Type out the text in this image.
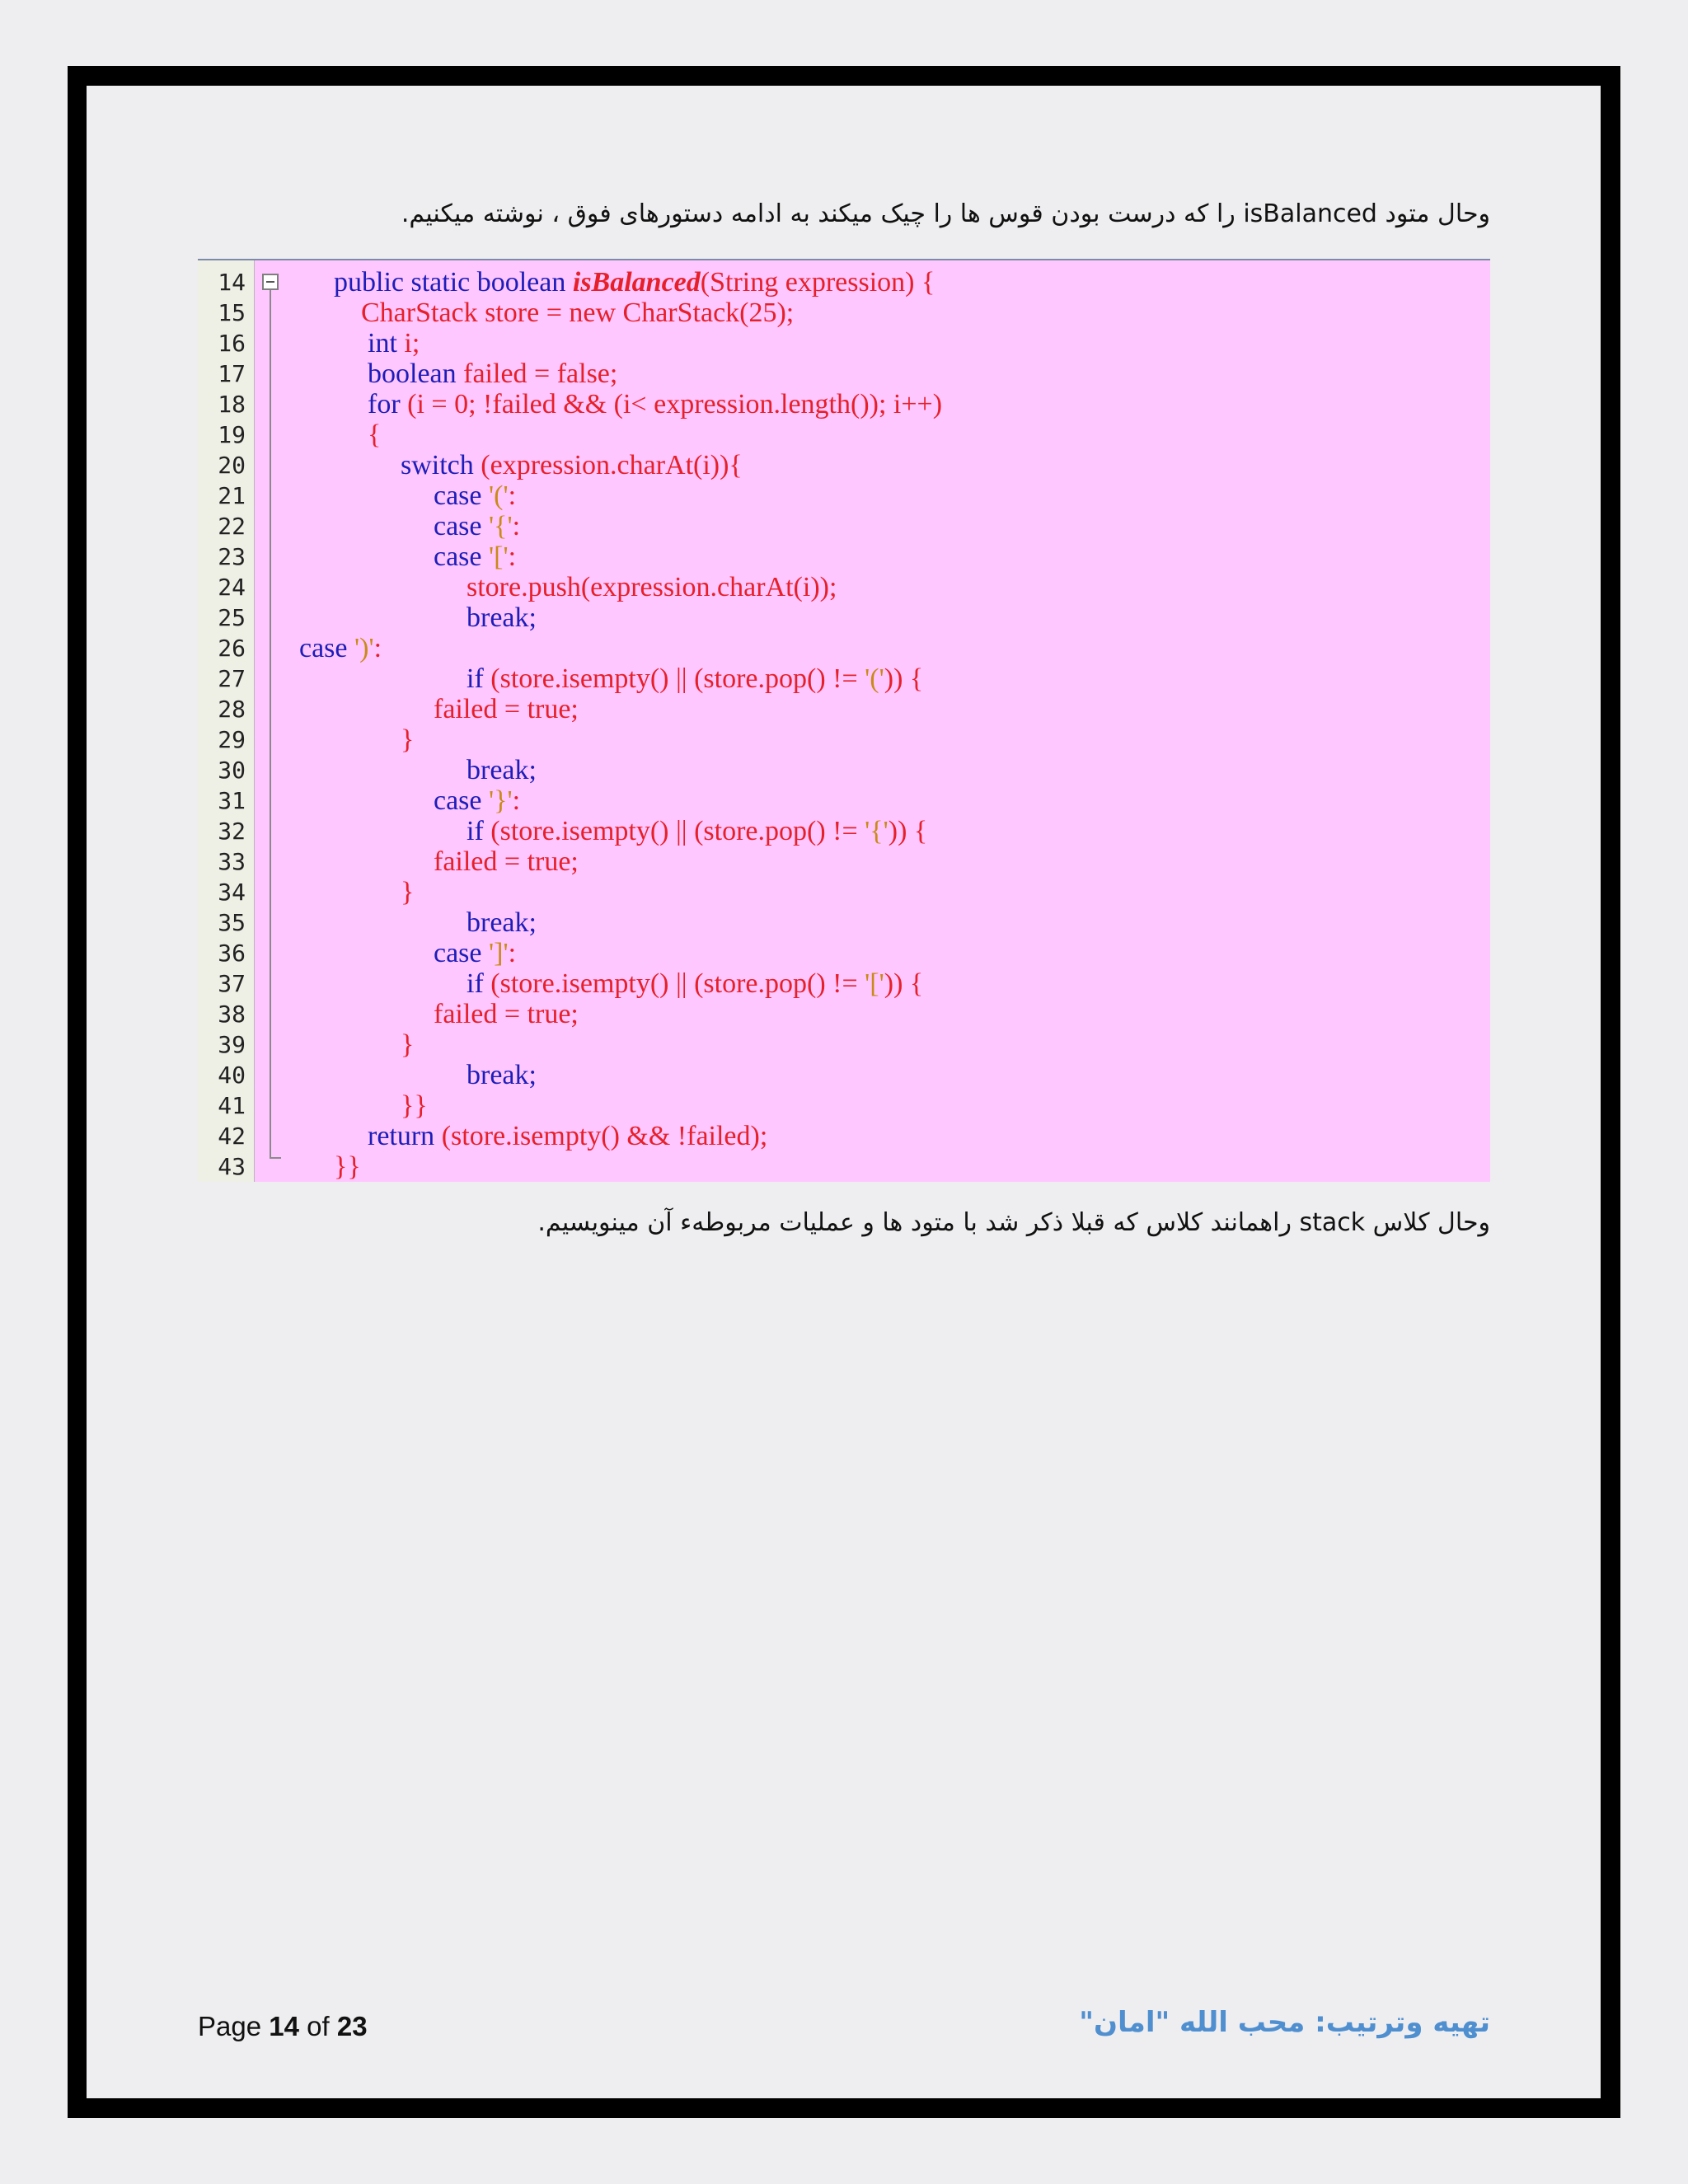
وحال متود isBalanced را که درست بودن قوس ها را چیک میکند به ادامه دستورهای فوق ، نوشته میکنیم.
14	public static boolean isBalanced(String expression) {
15	CharStack store = new CharStack(25);
16	int i;
17	boolean failed = false;
18	for (i = 0; !failed && (i< expression.length()); i++)
19	{
20	switch (expression.charAt(i)){
21	case '(':
22	case '{':
23	case '[':
24	store.push(expression.charAt(i));
25	break;
26 case ')':
27	if (store.isempty() || (store.pop() != '(')) {
28	failed = true;
29	}
30	break;
31	case '}':
32	if (store.isempty() || (store.pop() != '{')) {
33	failed = true;
34	}
35	break;
36	case ']':
37	if (store.isempty() || (store.pop() != '[')) {
38	failed = true;
39	}
40	break;
41	}}
42	return (store.isempty() && !failed);
43	}}
وحال کلاس stack راهمانند کلاس که قبلا ذکر شد با متود ها و عملیات مربوطهء آن مینویسیم.
Page 14 of 23	تهیه وترتیب: محب الله "امان"
